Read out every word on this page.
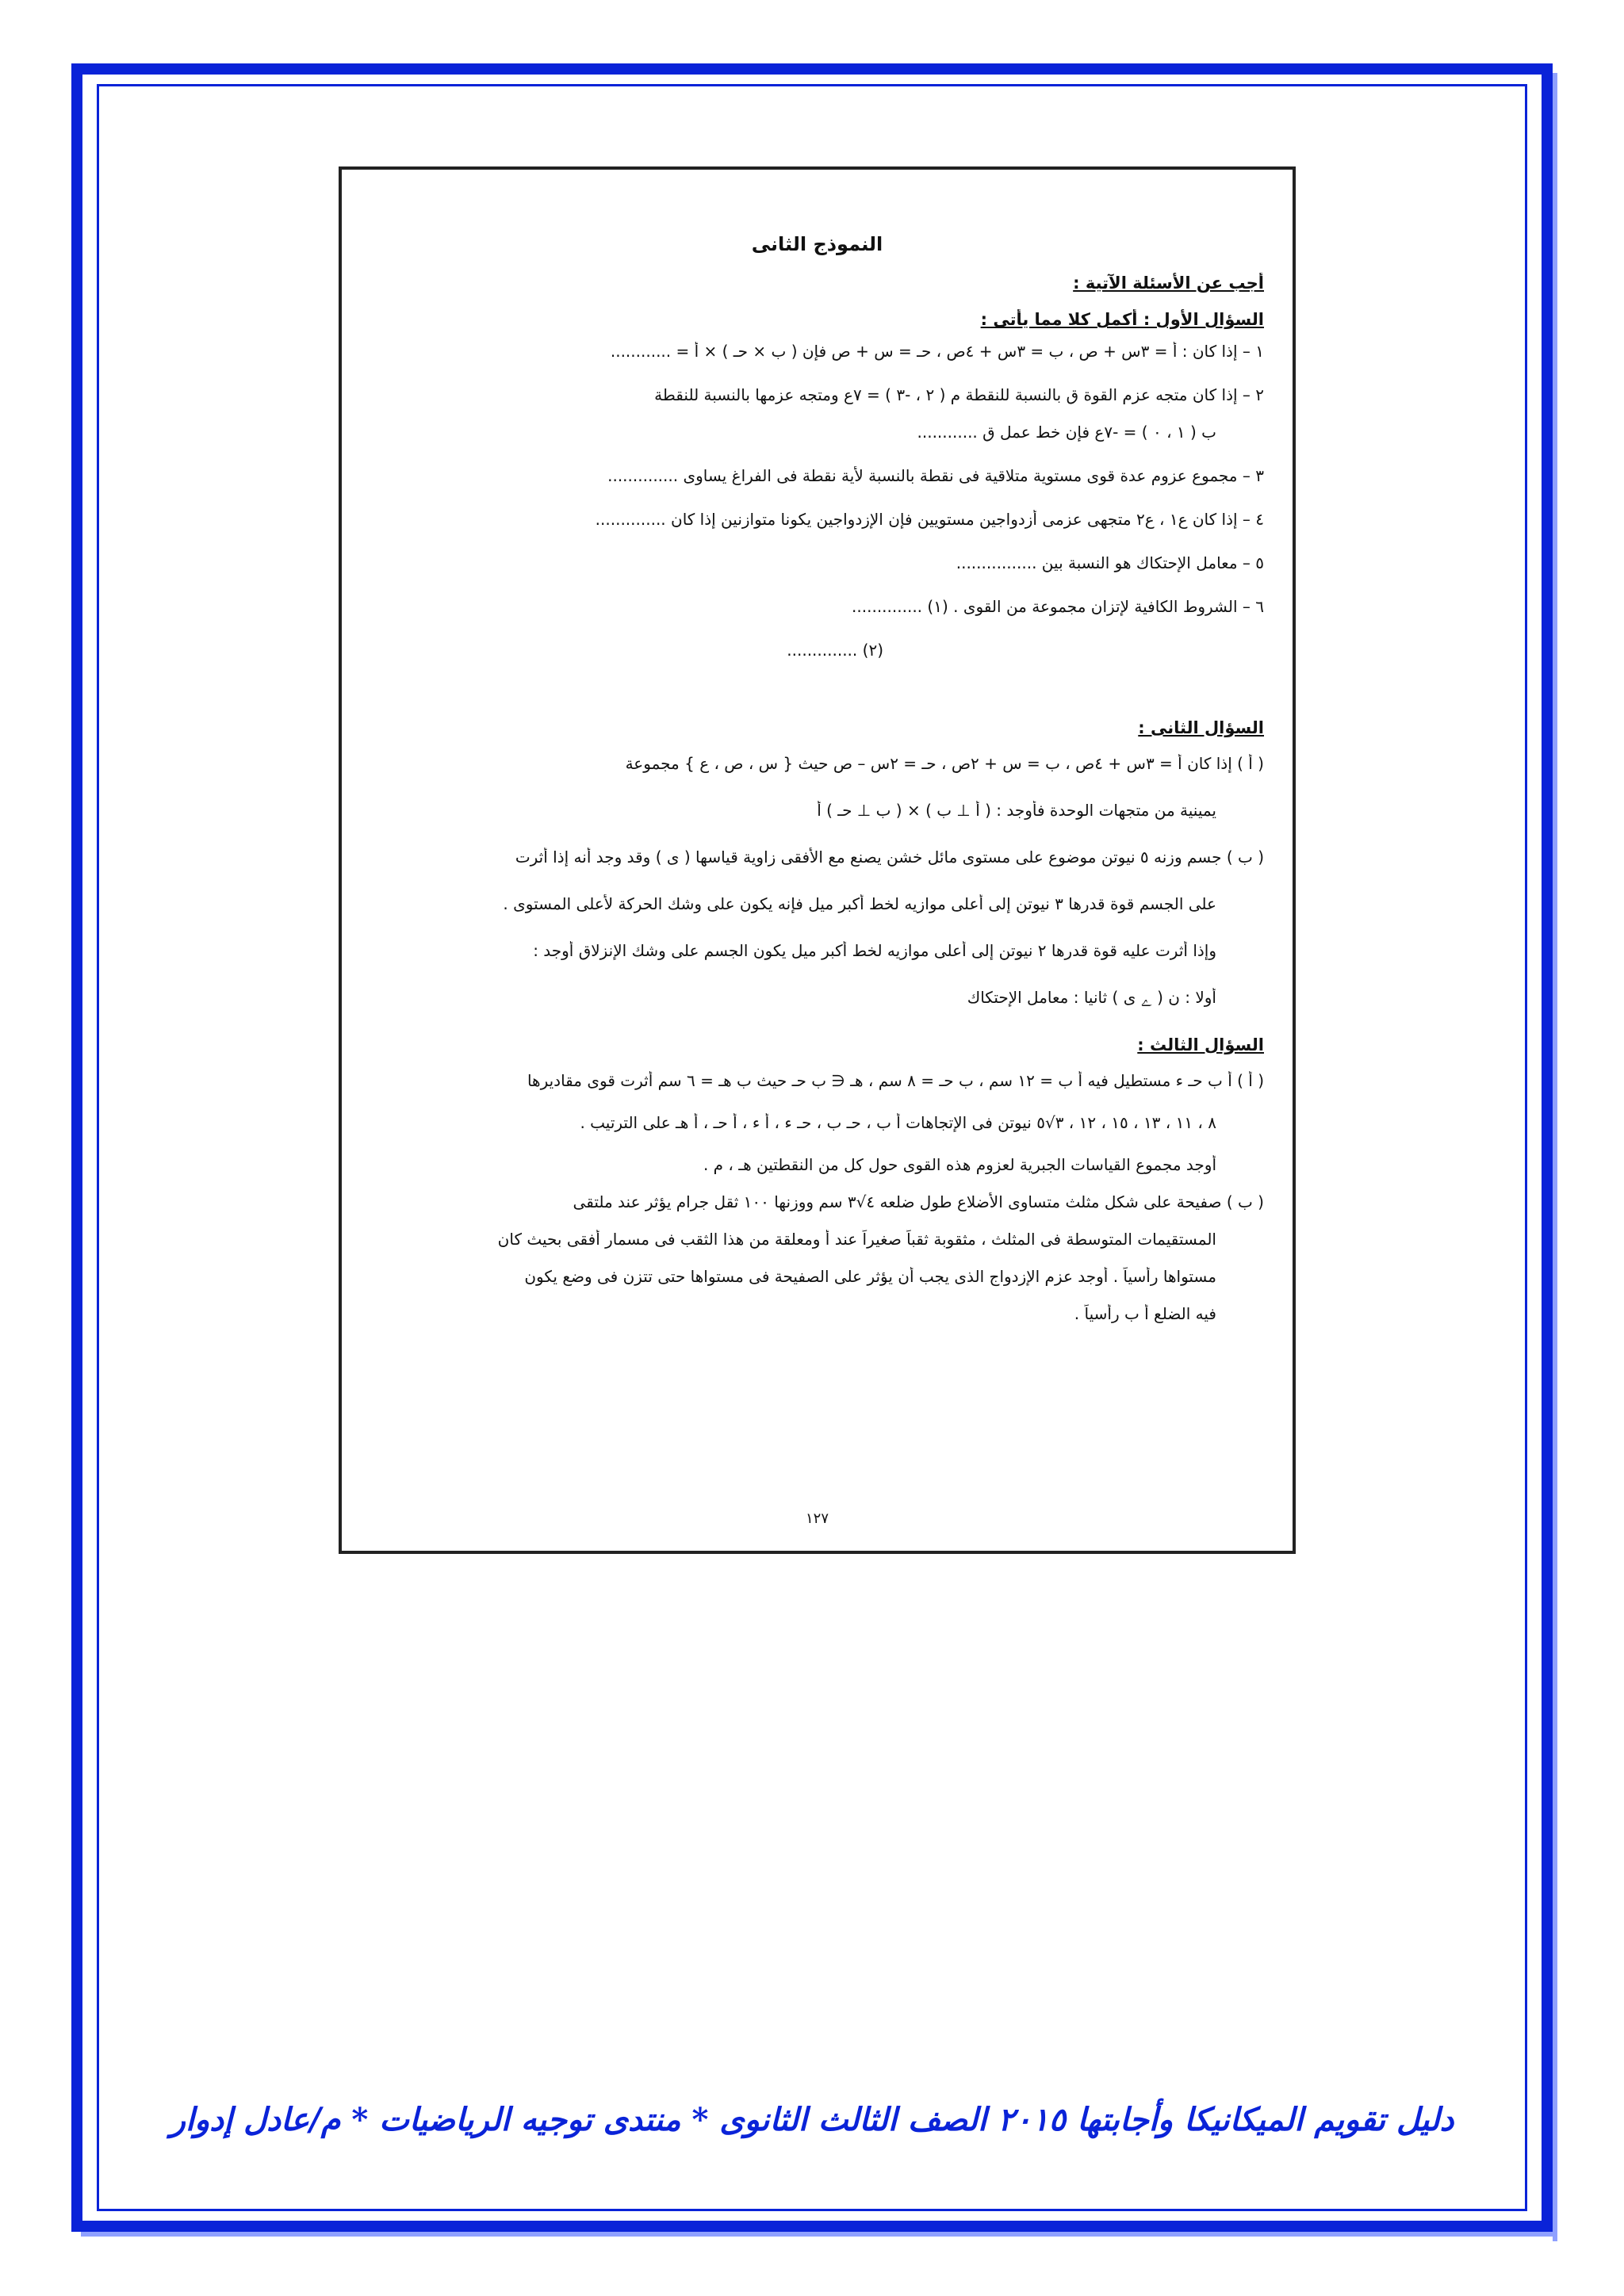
النموذج الثانى
أجب عن الأسئلة الآتية :
السؤال الأول : أكمل كلا مما يأتى :
١ – إذا كان : أ = ٣س + ص ، ب = ٣س + ٤ص ، حـ = س + ص فإن ( ب × حـ ) × أ = ............
٢ – إذا كان متجه عزم القوة ق بالنسبة للنقطة م ( ٢ ، -٣ ) = ٧ع ومتجه عزمها بالنسبة للنقطة
ب ( ١ ، ٠ ) = -٧ع فإن خط عمل ق ............
٣ – مجموع عزوم عدة قوى مستوية متلاقية فى نقطة بالنسبة لأية نقطة فى الفراغ يساوى ..............
٤ – إذا كان ع١ ، ع٢ متجهى عزمى أزدواجين مستويين فإن الإزدواجين يكونا متوازنين إذا كان ..............
٥ – معامل الإحتكاك هو النسبة بين ................
٦ – الشروط الكافية لإتزان مجموعة من القوى . (١) ..............
(٢) ..............
السؤال الثانى :
( أ ) إذا كان أ = ٣س + ٤ص ، ب = س + ٢ص ، حـ = ٢س – ص حيث { س ، ص ، ع } مجموعة
يمينية من متجهات الوحدة فأوجد : ( أ ⊥ ب ) × ( ب ⊥ حـ ) أ
( ب ) جسم وزنه ٥ نيوتن موضوع على مستوى مائل خشن يصنع مع الأفقى زاوية قياسها ( ى ) وقد وجد أنه إذا أثرت
على الجسم قوة قدرها ٣ نيوتن إلى أعلى موازيه لخط أكبر ميل فإنه يكون على وشك الحركة لأعلى المستوى .
وإذا أثرت عليه قوة قدرها ٢ نيوتن إلى أعلى موازيه لخط أكبر ميل يكون الجسم على وشك الإنزلاق أوجد :
أولا : ن ( ﮮ ى ) ثانيا : معامل الإحتكاك
السؤال الثالث :
( أ ) أ ب حـ ء مستطيل فيه أ ب = ١٢ سم ، ب حـ = ٨ سم ، هـ ∈ ب حـ حيث ب هـ = ٦ سم أثرت قوى مقاديرها
٨ ، ١١ ، ١٣ ، ١٥ ، ١٢ ، ٣√٥ نيوتن فى الإتجاهات أ ب ، حـ ب ، حـ ء ، أ ء ، أ حـ ، أ هـ على الترتيب .
أوجد مجموع القياسات الجبرية لعزوم هذه القوى حول كل من النقطتين هـ ، م .
( ب ) صفيحة على شكل مثلث متساوى الأضلاع طول ضلعه ٤√٣ سم ووزنها ١٠٠ ثقل جرام يؤثر عند ملتقى
المستقيمات المتوسطة فى المثلث ، مثقوبة ثقباً صغيراً عند أ ومعلقة من هذا الثقب فى مسمار أفقى بحيث كان
مستواها رأسياً . أوجد عزم الإزدواج الذى يجب أن يؤثر على الصفيحة فى مستواها حتى تتزن فى وضع يكون
فيه الضلع أ ب رأسياً .
١٢٧
دليل تقويم الميكانيكا وأجابتها ٢٠١٥ الصف الثالث الثانوى * منتدى توجيه الرياضيات * م/عادل إدوار
